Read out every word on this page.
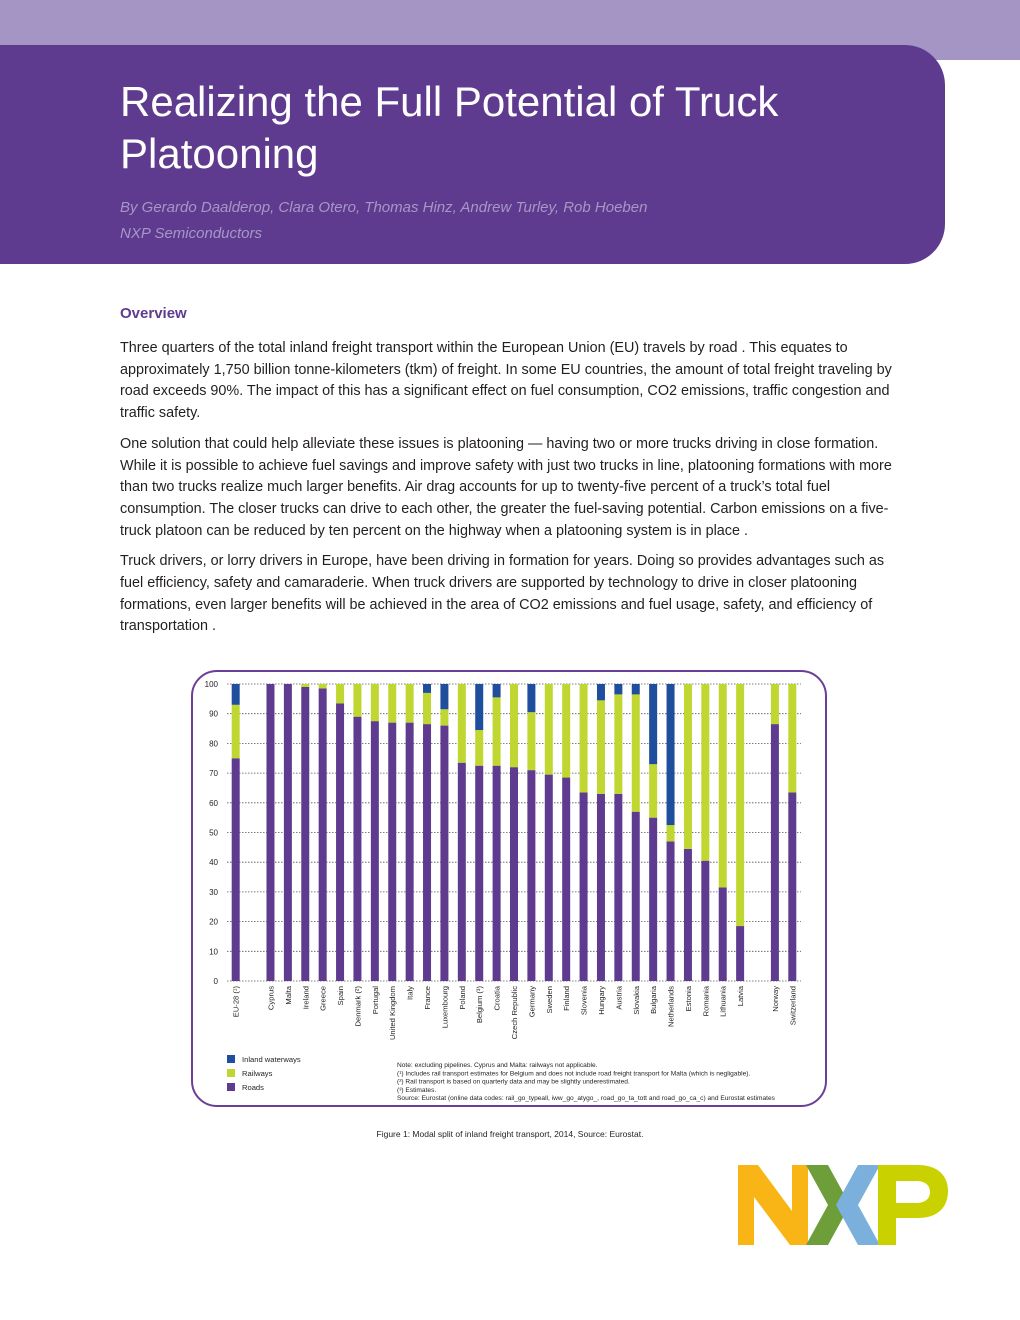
Realizing the Full Potential of Truck Platooning
By Gerardo Daalderop, Clara Otero, Thomas Hinz, Andrew Turley, Rob Hoeben
NXP Semiconductors
Overview

Three quarters of the total inland freight transport within the European Union (EU) travels by road . This equates to approximately 1,750 billion tonne-kilometers (tkm) of freight. In some EU countries, the amount of total freight traveling by road exceeds 90%. The impact of this has a significant effect on fuel consumption, CO2 emissions, traffic congestion and traffic safety.

One solution that could help alleviate these issues is platooning — having two or more trucks driving in close formation. While it is possible to achieve fuel savings and improve safety with just two trucks in line, platooning formations with more than two trucks realize much larger benefits. Air drag accounts for up to twenty-five percent of a truck’s total fuel consumption. The closer trucks can drive to each other, the greater the fuel-saving potential. Carbon emissions on a five-truck platoon can be reduced by ten percent on the highway when a platooning system is in place .

Truck drivers, or lorry drivers in Europe, have been driving in formation for years. Doing so provides advantages such as fuel efficiency, safety and camaraderie. When truck drivers are supported by technology to drive in closer platooning formations, even larger benefits will be achieved in the area of CO2 emissions and fuel usage, safety, and efficiency of transportation .

0
10
20
30
40
50
60
70
80
90
100
EU-28 (¹)	Cyprus Malta Ireland Greece Spain Denmark (²) Portugal United Kingdom Italy France Luxembourg Poland Belgium (³) Croatia Czech Republic Germany Sweden Finland Slovenia Hungary Austria Slovakia Bulgaria Netherlands Estonia Romania Lithuania Latvia	Norway Switzerland
Inland waterways
Railways
Roads
Note: excluding pipelines. Cyprus and Malta: railways not applicable.
(¹) Includes rail transport estimates for Belgium and does not include road freight transport for Malta (which is negligable).
(²) Rail transport is based on quarterly data and may be slightly underestimated.
(³) Estimates.
Source: Eurostat (online data codes: rail_go_typeall, iww_go_atygo_, road_go_ta_tott and road_go_ca_c) and Eurostat estimates
Figure 1: Modal split of inland freight transport, 2014, Source: Eurostat.
